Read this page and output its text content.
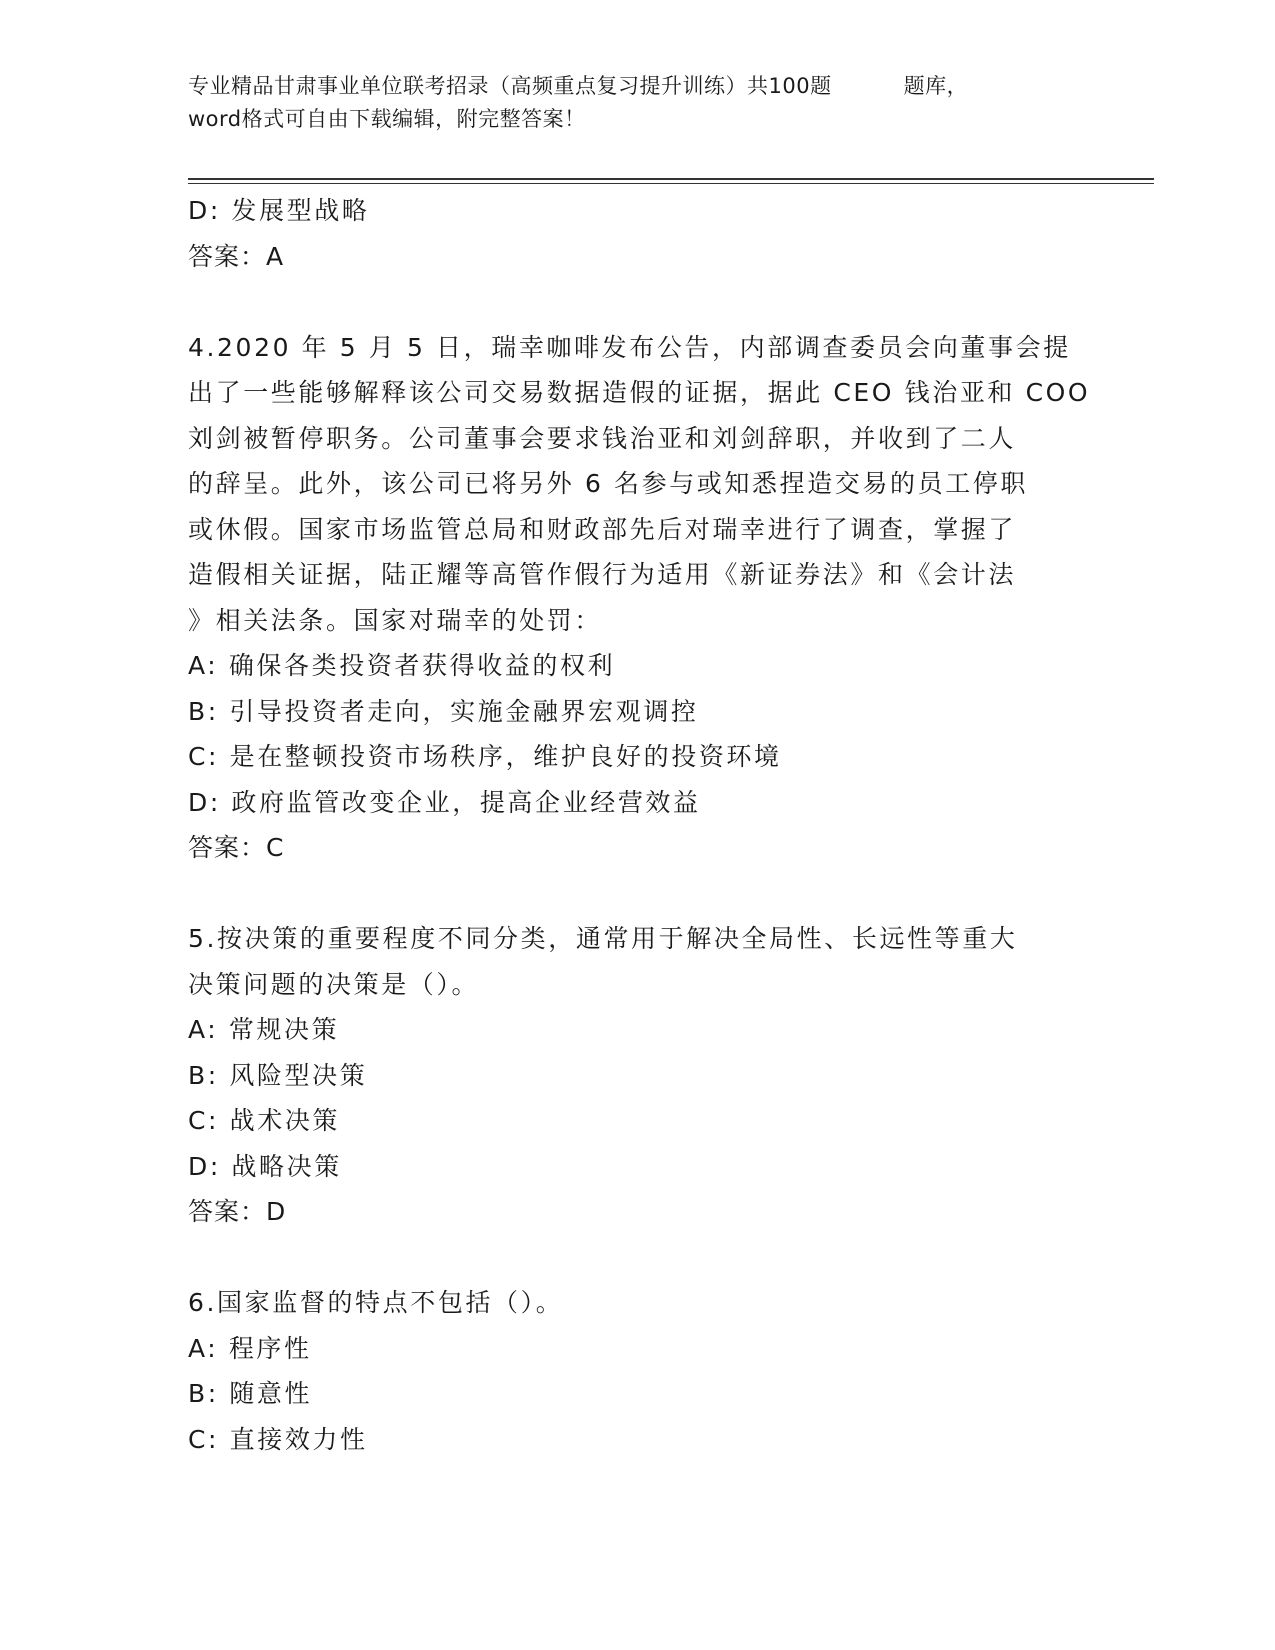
专业精品甘肃事业单位联考招录（高频重点复习提升训练）共100题	题库，
word格式可自由下载编辑，附完整答案！
D: 发展型战略
答案：A
4.2020 年 5 月 5 日，瑞幸咖啡发布公告，内部调查委员会向董事会提
出了一些能够解释该公司交易数据造假的证据，据此 CEO 钱治亚和 COO
刘剑被暂停职务。公司董事会要求钱治亚和刘剑辞职，并收到了二人
的辞呈。此外，该公司已将另外 6 名参与或知悉捏造交易的员工停职
或休假。国家市场监管总局和财政部先后对瑞幸进行了调查，掌握了
造假相关证据，陆正耀等高管作假行为适用《新证券法》和《会计法
》相关法条。国家对瑞幸的处罚：
A: 确保各类投资者获得收益的权利
B: 引导投资者走向，实施金融界宏观调控
C: 是在整顿投资市场秩序，维护良好的投资环境
D: 政府监管改变企业，提高企业经营效益
答案：C
5.按决策的重要程度不同分类，通常用于解决全局性、长远性等重大
决策问题的决策是（）。
A: 常规决策
B: 风险型决策
C: 战术决策
D: 战略决策
答案：D
6.国家监督的特点不包括（）。
A: 程序性
B: 随意性
C: 直接效力性
